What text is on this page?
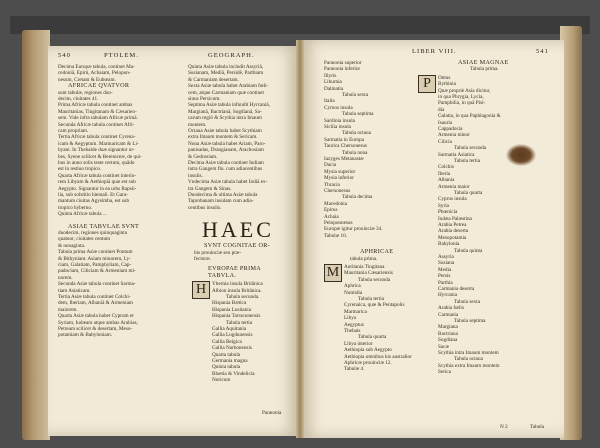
540	PTOLEM.	GEOGRAPH.
Decima Europæ tabula, continet Ma-
cedoniā, Epirū, Achaiam, Pelopon-
nesum, Cretam & Eubœam.
AFRICAE QVATVOR
sunt tabulæ, regiones duo-
decim, ciuitates 41.
Prima Africæ tabula continet ambas
Mauritanias, Tingitanam & Cæsarien-
sem. Vide infra tabulam Africæ primā.
Secunda Africæ tabula continet Afri-
cam propriam.
Tertia Africæ tabula continet Cyrena-
icam & Aegyptum. Marmaricam & Li-
byam. In Thebaide duæ signantur ur-
bes, Syene scilicet & Bereniceæ, de qui-
bus in anno solis teste certum, quādo
est in æstiuo tropico.
Quarta Africæ tabula continet interio-
rem Libyam & Aethiopiā quæ est sub
Aegypto. Signantur in ea urbs Rapsii-
lia, sub solstitio hiemali. Et Gara-
mantum ciuitas Agysimba, est sub
tropico hyberno.
Quinta Africæ tabula ...
ASIAE TABVLAE SVNT
duodecim, regiones quinquaginta
quatuor, ciuitates centum
& nonaginta.
Tabula prima Asiæ continet Pontum
& Bithyniam. Asiam minorem, Ly-
ciam, Galatiam, Pamphyliam, Cap-
padociam, Ciliciam & Armeniam mi-
norem.
Secunda Asiæ tabula continet Sarma-
tiam Asiaticam.
Tertia Asiæ tabula continet Colchi-
dem, Iberiam, Albaniā & Armeniam
maiorem.
Quarta Asiæ tabula habet Cyprum et
Syriam, Iudæam atque ambas Arabias,
Petream scilicet & desertam, Meso-
potamiam & Babyloniam.
Quinta Asiæ tabula includit Assyriā,
Susianam, Mediā, Persidē, Parthiam
& Carmaniam desertam.
Sexta Asiæ tabula habet Arabiam fœli-
cem, atque Carmaniam quæ continet
sinus Persicum.
Septima Asiæ tabula infundit Hyrcaniā,
Margianā, Bactrianā, Sogdianā, Sa-
carum regiō & Scythia intra Imaum
montem.
Octaua Asiæ tabula habet Scythiam
extra Imaum montem & Sericam.
Nona Asiæ tabula habet Ariam, Paro-
panisadas, Drangianam, Arachosiam
& Gedrosiam.
Decima Asiæ tabula continet Indiam
intra Gangem flu. cum adiacentibus
insulis.
Vndecima Asiæ tabula habet Indiā ex-
tra Gangem & Sinas.
Duodecima & ultima Asiæ tabula
Taprobanam insulam cum adia-
centibus insulis.
HAEC
SVNT COGNITAE OR-
bis prouinciæ seu præ-
fecturæ.
EVROPAE PRIMA
TABVLA.
H	Ybernia insula Britānica
Albion insula Britānica.
Tabula secunda.
Hispania Bætica
Hispania Lusitania
Hispania Tarraconensis
Tabula tertia
Gallia Aquitania
Gallia Lugdunensis
Gallia Belgica
Gallia Narbonensis
Quarta tabula
Germania magna
Quinta tabula
Rhætia & Vindelicia
Noricum
Pannonia
LIBER VIII.	541
Pannonia superior
Pannonia inferior
Illyris
Liburnia
Dalmatia
Tabula sexta
Italia
Cyrnos insula
Tabula septima
Sardinia insula
Sicilia insula
Tabula octaua
Sarmatia in Europa
Taurica Chersonesus
Tabula nona
Iazyges Metanastæ
Dacia
Mysia superior
Mysia inferior
Thracia
Chersonesus
Tabula decima
Macedonia
Epirus
Achaia
Peloponnesus
Europæ igitur prouinciæ 34.
Tabulæ 10.
APHRICAE
tabula prima.
M Auritania Tingitana
Mauritania Cæsariensis
Tabula secunda
Aphrica
Numidia
Tabula tertia
Cyrenaica, quæ & Pentapolis
Marmarica
Libya
Aegyptus
Thebais
Tabula quarta
Libya interior
Aethiopia sub Aegypto
Aethiopia omnibus his australior
Aphricæ prouinciæ 12.
Tabulæ 4.
ASIAE MAGNAE
Tabula prima.
P	Ontus
Bythinia
Quæ propriè Asia dicitur,
in qua Phrygia, Lycia,
Pamphilia, in quā Pisi-
dia
Galatia, in qua Paphlagonia &
Isauria
Cappadocia
Armenia minor
Cilicia
Tabula secunda
Sarmatia Asiatica
Tabula tertia
Colchis
Iberia
Albania
Armenia maior
Tabula quarta
Cyprus insula
Syria
Phœnicia
Iudæa Palæstina
Arabia Petrea
Arabia deserta
Mesopotamia
Babylonia
Tabula quinta
Assyria
Susiana
Media
Persis
Parthia
Carmania deserta
Hyrcania
Tabula sexta
Arabia fœlix
Carmania
Tabula septima
Margiana
Bactriana
Sogdiana
Sacæ
Scythia intra Imaum montem
Tabula octaua
Scythia extra Imaum montem
Serica
N 2	Tabula
